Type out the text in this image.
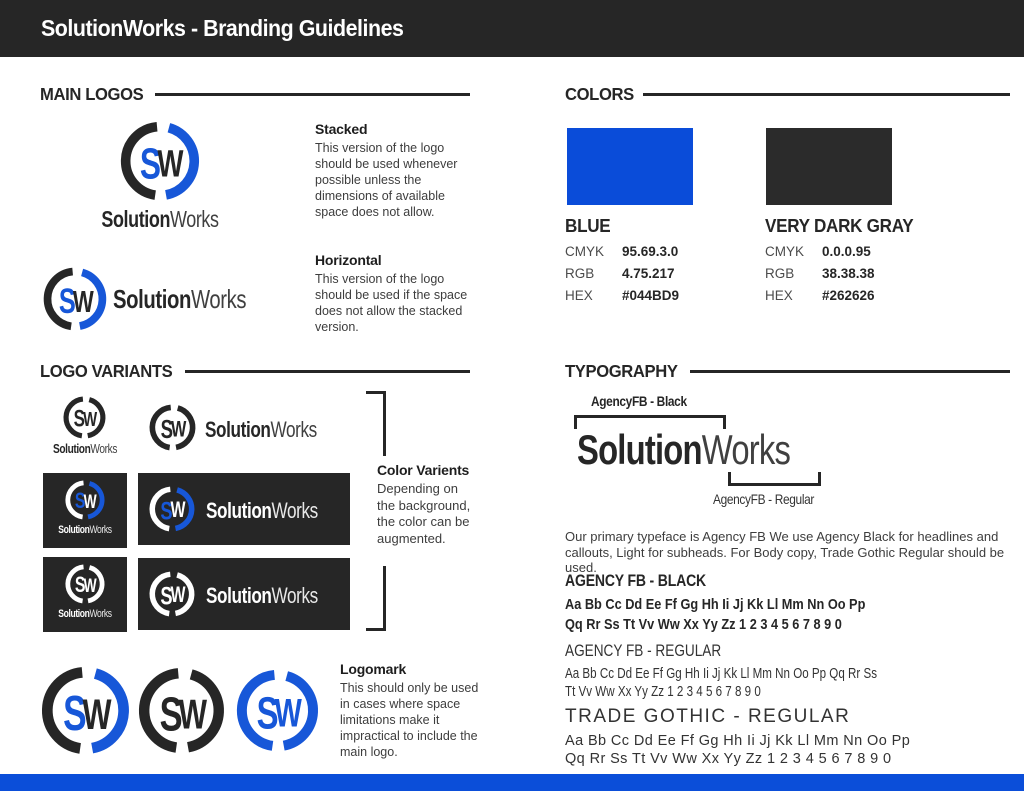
SolutionWorks - Branding Guidelines
MAIN LOGOS
S
W
SolutionWorks
Stacked

This version of the logo should be used whenever possible unless the dimensions of available space does not allow.

S
W SolutionWorks
Horizontal

This version of the logo should be used if the space does not allow the stacked version.

COLORS
BLUE
CMYK	95.69.3.0
RGB	4.75.217
HEX	#044BD9
VERY DARK GRAY
CMYK	0.0.0.95
RGB	38.38.38
HEX	#262626
LOGO VARIANTS
S
W
SolutionWorks
S
W SolutionWorks
S
W
SolutionWorks
S
W SolutionWorks
S
W
SolutionWorks
S
W SolutionWorks
Color Varients

Depending on the background, the color can be augmented.

S
W S
W S
W
Logomark

This should only be used in cases where space limitations make it impractical to include the main logo.

TYPOGRAPHY
AgencyFB - Black
SolutionWorks
AgencyFB - Regular
Our primary typeface is Agency FB We use Agency Black for headlines and
callouts, Light for subheads. For Body copy, Trade Gothic Regular should be used.
AGENCY FB - BLACK
Aa Bb Cc Dd Ee Ff Gg Hh Ii Jj Kk Ll Mm Nn Oo Pp
Qq Rr Ss Tt Vv Ww Xx Yy Zz 1 2 3 4 5 6 7 8 9 0
AGENCY FB - REGULAR
Aa Bb Cc Dd Ee Ff Gg Hh Ii Jj Kk Ll Mm Nn Oo Pp Qq Rr Ss
Tt Vv Ww Xx Yy Zz 1 2 3 4 5 6 7 8 9 0
TRADE GOTHIC - REGULAR
Aa Bb Cc Dd Ee Ff Gg Hh Ii Jj Kk Ll Mm Nn Oo Pp
Qq Rr Ss Tt Vv Ww Xx Yy Zz 1 2 3 4 5 6 7 8 9 0
